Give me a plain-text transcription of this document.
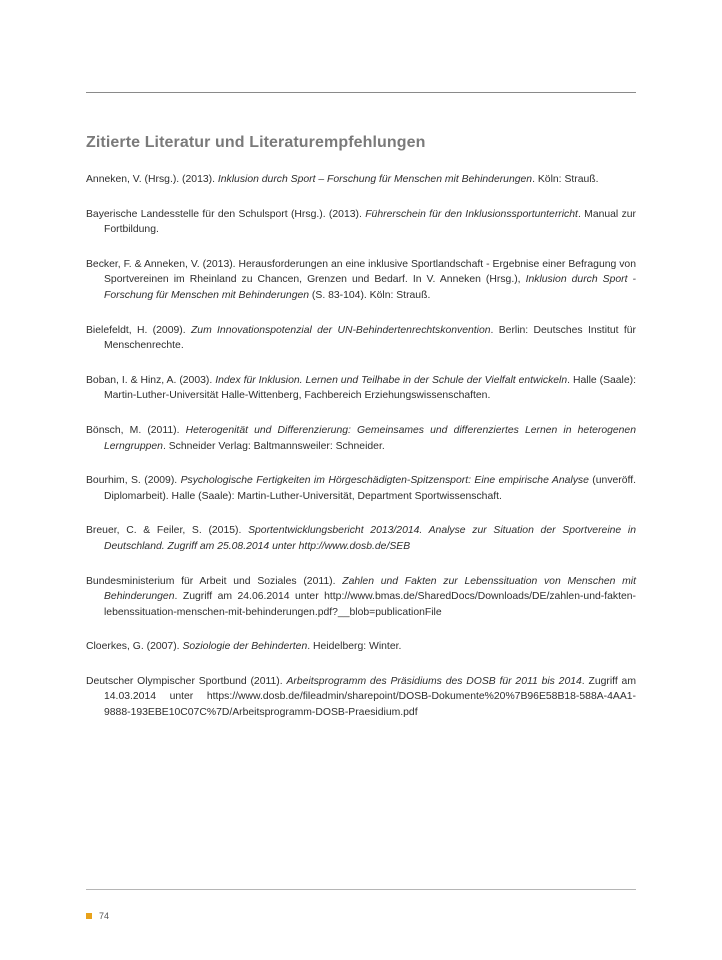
Zitierte Literatur und Literaturempfehlungen

Anneken, V. (Hrsg.). (2013). Inklusion durch Sport – Forschung für Menschen mit Behinderungen. Köln: Strauß.

Bayerische Landesstelle für den Schulsport (Hrsg.). (2013). Führerschein für den Inklusionssportunterricht. Manual zur Fortbildung.

Becker, F. & Anneken, V. (2013). Herausforderungen an eine inklusive Sportlandschaft - Ergebnise einer Befragung von Sportvereinen im Rheinland zu Chancen, Grenzen und Bedarf. In V. Anneken (Hrsg.), Inklusion durch Sport - Forschung für Menschen mit Behinderungen (S. 83-104). Köln: Strauß.

Bielefeldt, H. (2009). Zum Innovationspotenzial der UN-Behindertenrechtskonvention. Berlin: Deutsches Institut für Menschenrechte.

Boban, I. & Hinz, A. (2003). Index für Inklusion. Lernen und Teilhabe in der Schule der Vielfalt entwickeln. Halle (Saale): Martin-Luther-Universität Halle-Wittenberg, Fachbereich Erziehungswissenschaften.

Bönsch, M. (2011). Heterogenität und Differenzierung: Gemeinsames und differenziertes Lernen in heterogenen Lerngruppen. Schneider Verlag: Baltmannsweiler: Schneider.

Bourhim, S. (2009). Psychologische Fertigkeiten im Hörgeschädigten-Spitzensport: Eine empirische Analyse (unveröff. Diplomarbeit). Halle (Saale): Martin-Luther-Universität, Department Sportwissenschaft.

Breuer, C. & Feiler, S. (2015). Sportentwicklungsbericht 2013/2014. Analyse zur Situation der Sportvereine in Deutschland. Zugriff am 25.08.2014 unter http://www.dosb.de/SEB

Bundesministerium für Arbeit und Soziales (2011). Zahlen und Fakten zur Lebenssituation von Menschen mit Behinderungen. Zugriff am 24.06.2014 unter http://www.bmas.de/SharedDocs/Downloads/DE/zahlen-und-fakten-lebenssituation-menschen-mit-behinderungen.pdf?__blob=publicationFile

Cloerkes, G. (2007). Soziologie der Behinderten. Heidelberg: Winter.

Deutscher Olympischer Sportbund (2011). Arbeitsprogramm des Präsidiums des DOSB für 2011 bis 2014. Zugriff am 14.03.2014 unter https://www.dosb.de/fileadmin/sharepoint/DOSB-Dokumente%20%7B96E58B18-588A-4AA1-9888-193EBE10C07C%7D/Arbeitsprogramm-DOSB-Praesidium.pdf

74
